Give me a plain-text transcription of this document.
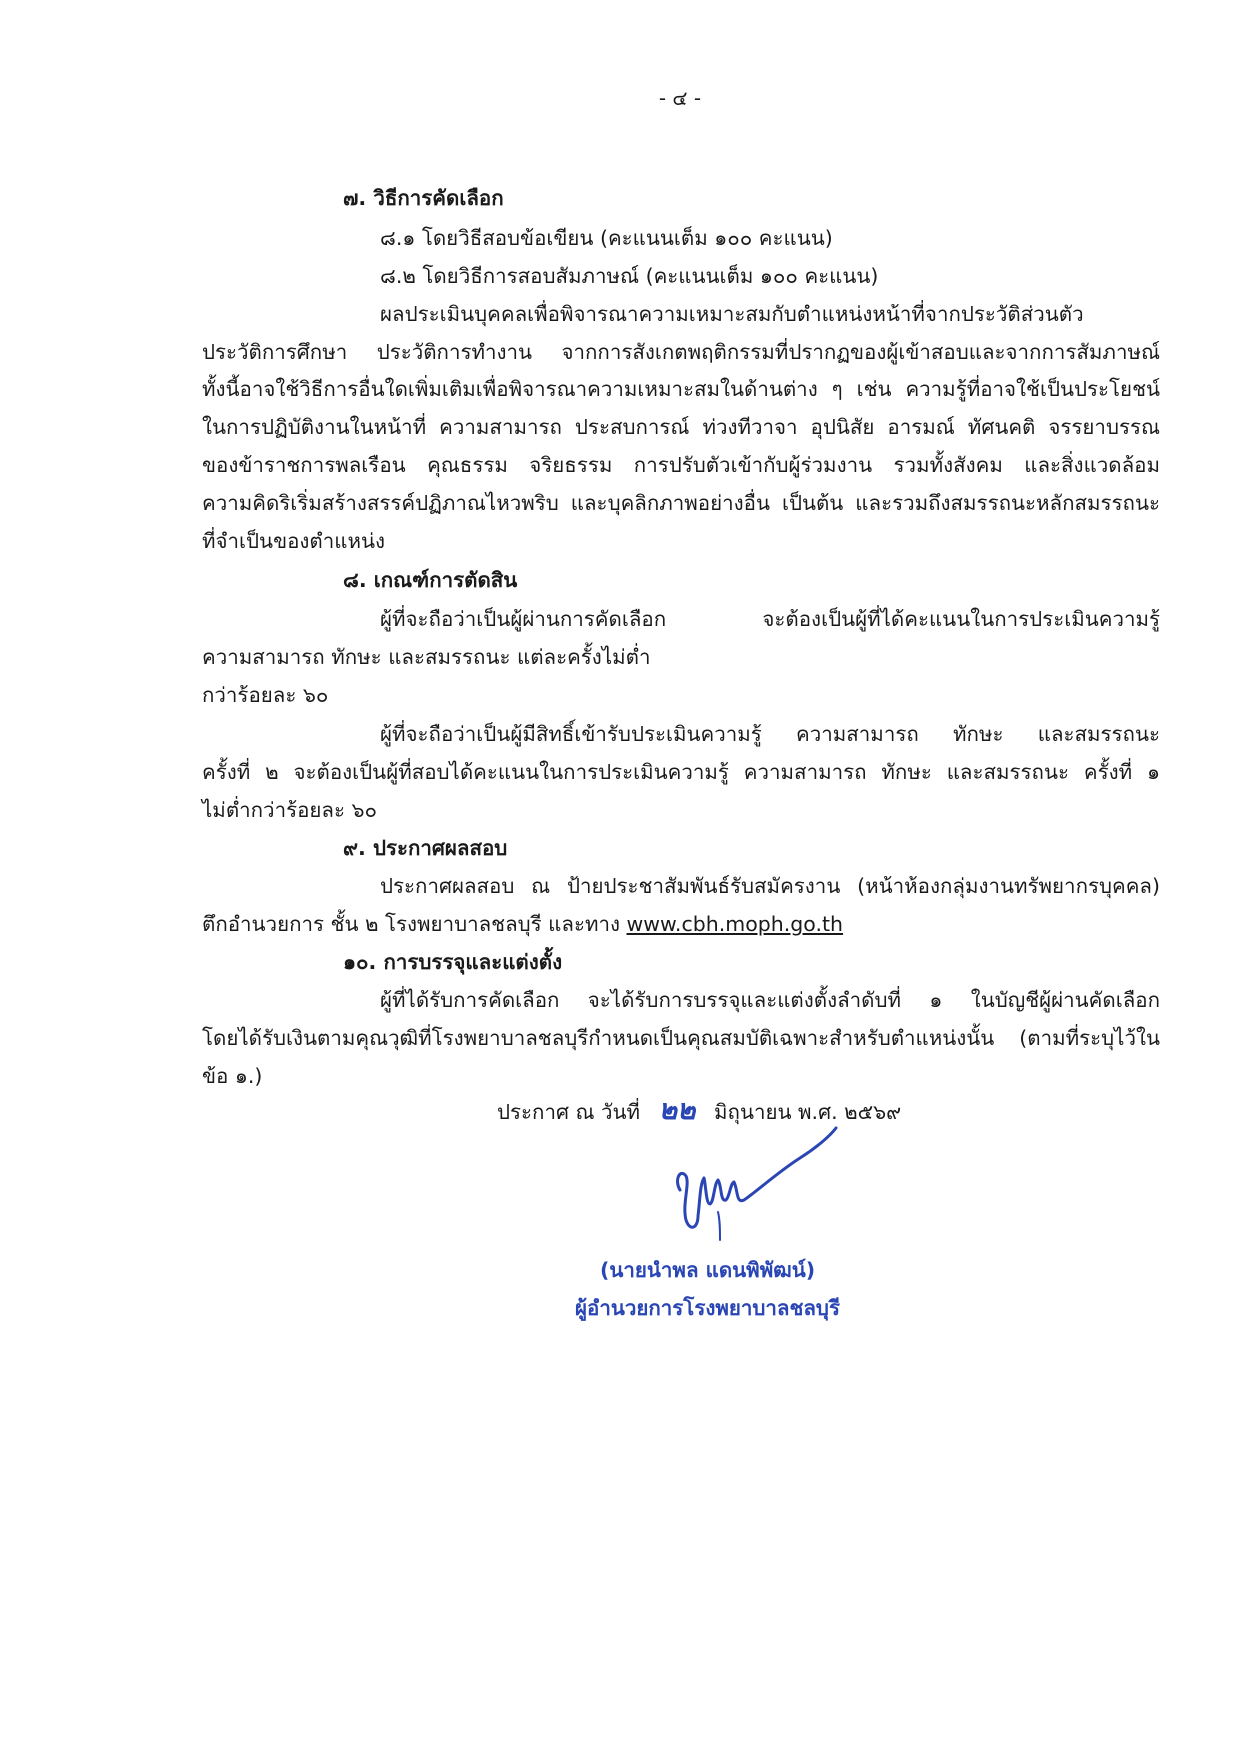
- ๔ -
๗. วิธีการคัดเลือก
๘.๑ โดยวิธีสอบข้อเขียน (คะแนนเต็ม ๑๐๐ คะแนน)
๘.๒ โดยวิธีการสอบสัมภาษณ์ (คะแนนเต็ม ๑๐๐ คะแนน)
ผลประเมินบุคคลเพื่อพิจารณาความเหมาะสมกับตำแหน่งหน้าที่จากประวัติส่วนตัว
ประวัติการศึกษา ประวัติการทำงาน จากการสังเกตพฤติกรรมที่ปรากฏของผู้เข้าสอบและจากการสัมภาษณ์
ทั้งนี้อาจใช้วิธีการอื่นใดเพิ่มเติมเพื่อพิจารณาความเหมาะสมในด้านต่าง ๆ เช่น ความรู้ที่อาจใช้เป็นประโยชน์
ในการปฏิบัติงานในหน้าที่ ความสามารถ ประสบการณ์ ท่วงทีวาจา อุปนิสัย อารมณ์ ทัศนคติ จรรยาบรรณ
ของข้าราชการพลเรือน คุณธรรม จริยธรรม การปรับตัวเข้ากับผู้ร่วมงาน รวมทั้งสังคม และสิ่งแวดล้อม
ความคิดริเริ่มสร้างสรรค์ปฏิภาณไหวพริบ และบุคลิกภาพอย่างอื่น เป็นต้น และรวมถึงสมรรถนะหลักสมรรถนะ
ที่จำเป็นของตำแหน่ง
๘. เกณฑ์การตัดสิน
ผู้ที่จะถือว่าเป็นผู้ผ่านการคัดเลือก จะต้องเป็นผู้ที่ได้คะแนนในการประเมินความรู้
ความสามารถ ทักษะ และสมรรถนะ แต่ละครั้งไม่ต่ำ
กว่าร้อยละ ๖๐
ผู้ที่จะถือว่าเป็นผู้มีสิทธิ์เข้ารับประเมินความรู้ ความสามารถ ทักษะ และสมรรถนะ
ครั้งที่ ๒ จะต้องเป็นผู้ที่สอบได้คะแนนในการประเมินความรู้ ความสามารถ ทักษะ และสมรรถนะ ครั้งที่ ๑
ไม่ต่ำกว่าร้อยละ ๖๐
๙. ประกาศผลสอบ
ประกาศผลสอบ ณ ป้ายประชาสัมพันธ์รับสมัครงาน (หน้าห้องกลุ่มงานทรัพยากรบุคคล)
ตึกอำนวยการ ชั้น ๒ โรงพยาบาลชลบุรี และทาง www.cbh.moph.go.th
๑๐. การบรรจุและแต่งตั้ง
ผู้ที่ได้รับการคัดเลือก จะได้รับการบรรจุและแต่งตั้งลำดับที่ ๑ ในบัญชีผู้ผ่านคัดเลือก
โดยได้รับเงินตามคุณวุฒิที่โรงพยาบาลชลบุรีกำหนดเป็นคุณสมบัติเฉพาะสำหรับตำแหน่งนั้น (ตามที่ระบุไว้ใน
ข้อ ๑.)
ประกาศ ณ วันที่ ๒๒ มิถุนายน พ.ศ. ๒๕๖๙
(นายนำพล แดนพิพัฒน์)
ผู้อำนวยการโรงพยาบาลชลบุรี
